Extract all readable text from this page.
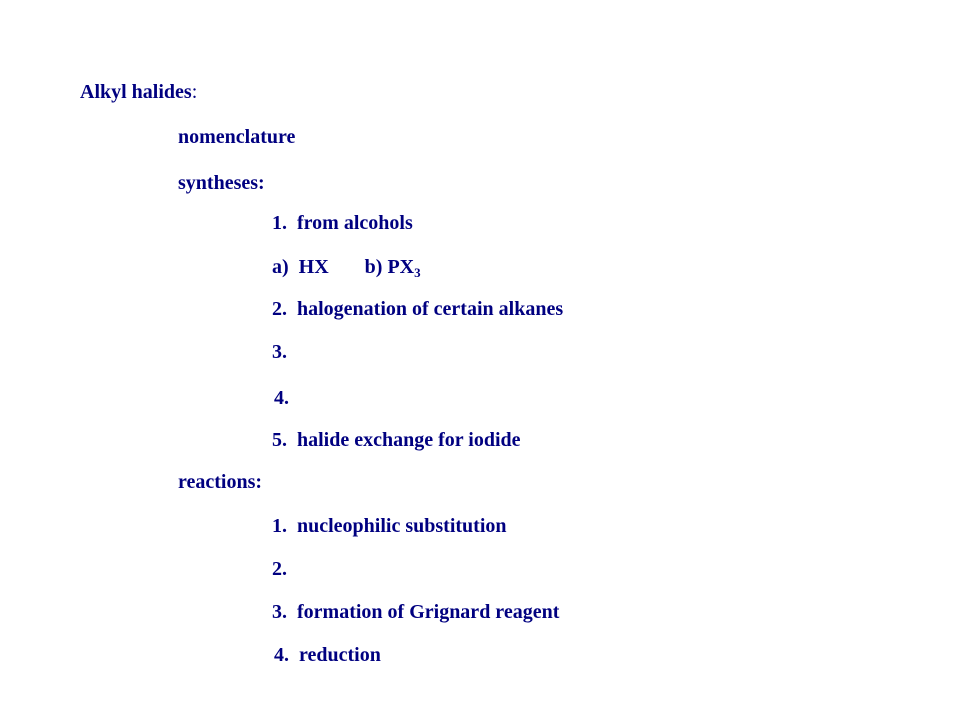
Alkyl halides:
nomenclature
syntheses:
1.  from alcohols
a)  HX b) $PX_3$
2.  halogenation of certain alkanes
3.
4.
5.  halide exchange for iodide
reactions:
1.  nucleophilic substitution
2.
3.  formation of Grignard reagent
4.  reduction
